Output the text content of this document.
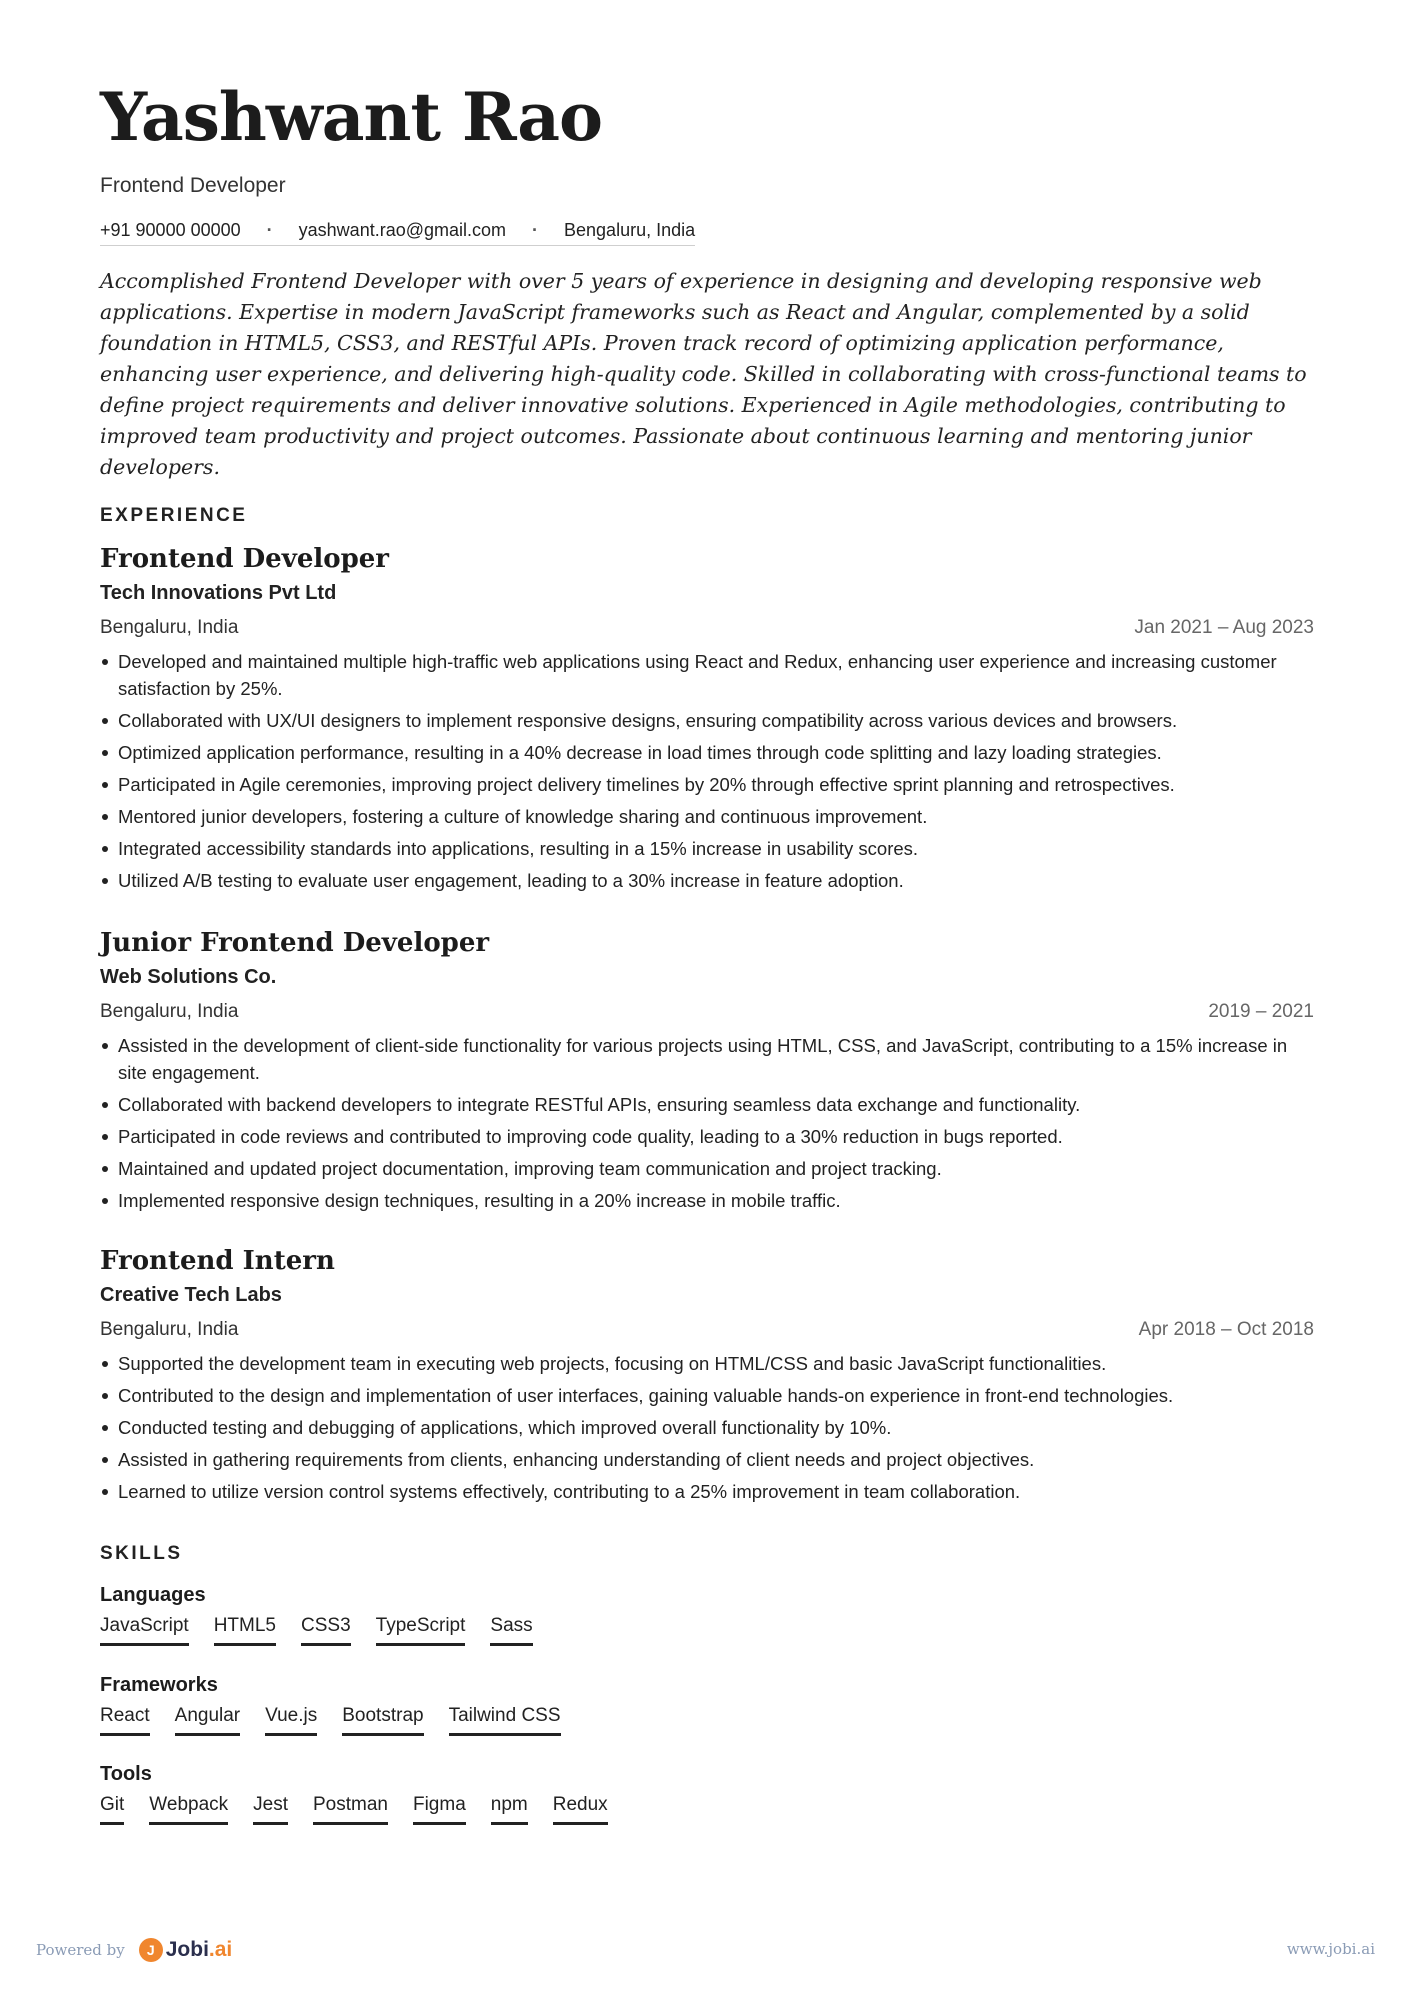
Yashwant Rao
Frontend Developer
+91 90000 00000 · yashwant.rao@gmail.com · Bengaluru, India

Accomplished Frontend Developer with over 5 years of experience in designing and developing responsive web applications. Expertise in modern JavaScript frameworks such as React and Angular, complemented by a solid foundation in HTML5, CSS3, and RESTful APIs. Proven track record of optimizing application performance, enhancing user experience, and delivering high-quality code. Skilled in collaborating with cross-functional teams to define project requirements and deliver innovative solutions. Experienced in Agile methodologies, contributing to improved team productivity and project outcomes. Passionate about continuous learning and mentoring junior developers.

EXPERIENCE
Frontend Developer
Tech Innovations Pvt Ltd
Bengaluru, India	Jan 2021 – Aug 2023
Developed and maintained multiple high-traffic web applications using React and Redux, enhancing user experience and increasing customer satisfaction by 25%.
Collaborated with UX/UI designers to implement responsive designs, ensuring compatibility across various devices and browsers.
Optimized application performance, resulting in a 40% decrease in load times through code splitting and lazy loading strategies.
Participated in Agile ceremonies, improving project delivery timelines by 20% through effective sprint planning and retrospectives.
Mentored junior developers, fostering a culture of knowledge sharing and continuous improvement.
Integrated accessibility standards into applications, resulting in a 15% increase in usability scores.
Utilized A/B testing to evaluate user engagement, leading to a 30% increase in feature adoption.
Junior Frontend Developer
Web Solutions Co.
Bengaluru, India	2019 – 2021
Assisted in the development of client-side functionality for various projects using HTML, CSS, and JavaScript, contributing to a 15% increase in site engagement.
Collaborated with backend developers to integrate RESTful APIs, ensuring seamless data exchange and functionality.
Participated in code reviews and contributed to improving code quality, leading to a 30% reduction in bugs reported.
Maintained and updated project documentation, improving team communication and project tracking.
Implemented responsive design techniques, resulting in a 20% increase in mobile traffic.
Frontend Intern
Creative Tech Labs
Bengaluru, India	Apr 2018 – Oct 2018
Supported the development team in executing web projects, focusing on HTML/CSS and basic JavaScript functionalities.
Contributed to the design and implementation of user interfaces, gaining valuable hands-on experience in front-end technologies.
Conducted testing and debugging of applications, which improved overall functionality by 10%.
Assisted in gathering requirements from clients, enhancing understanding of client needs and project objectives.
Learned to utilize version control systems effectively, contributing to a 25% improvement in team collaboration.
SKILLS
Languages
JavaScript HTML5 CSS3 TypeScript Sass
Frameworks
React Angular Vue.js Bootstrap Tailwind CSS
Tools
Git Webpack Jest Postman Figma npm Redux
Powered by	J Jobi.ai	www.jobi.ai
